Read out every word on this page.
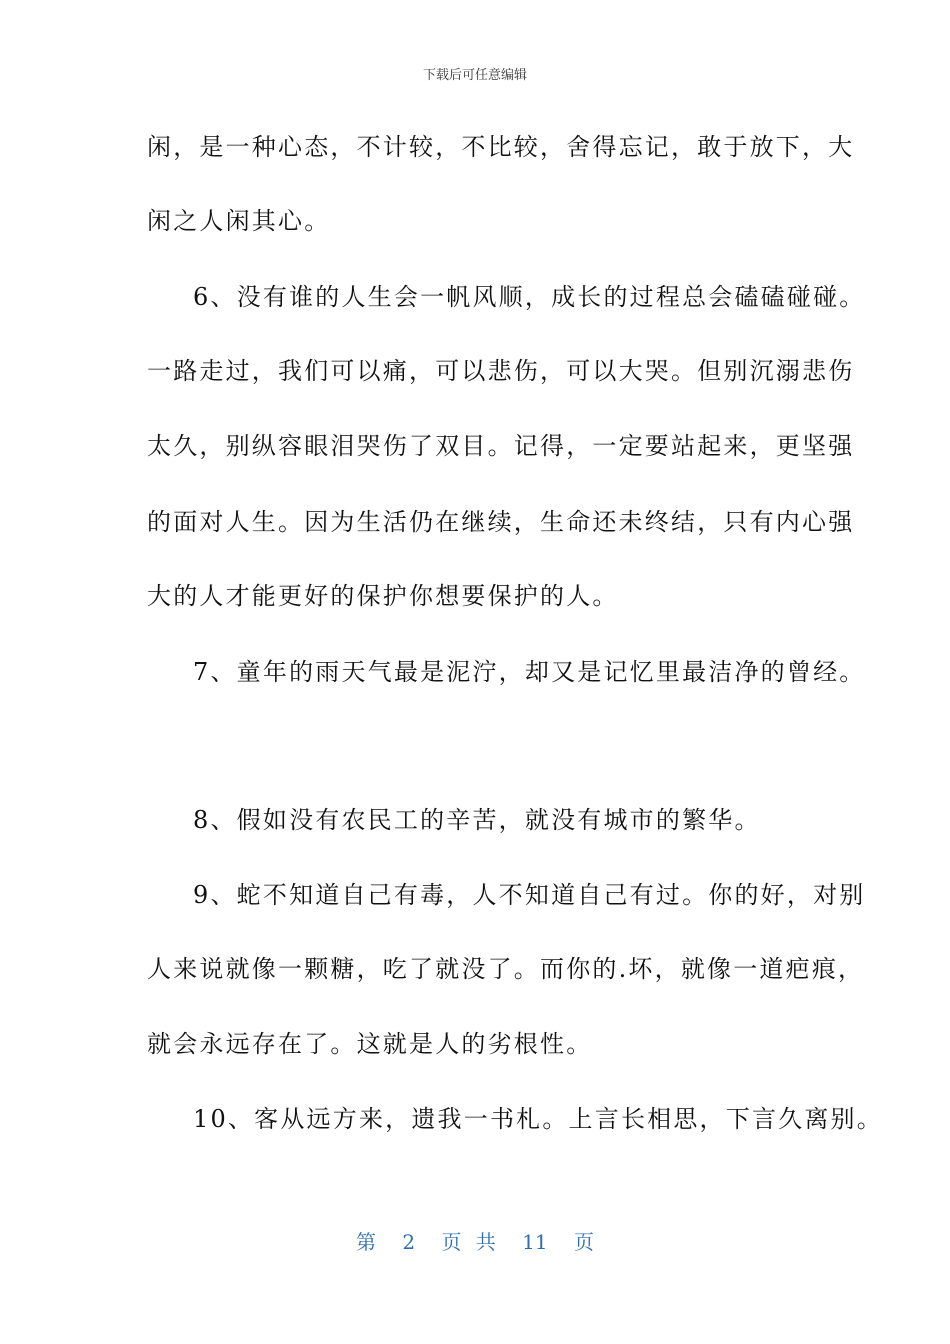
下载后可任意编辑
闲，是一种心态，不计较，不比较，舍得忘记，敢于放下，大
闲之人闲其心。
6、没有谁的人生会一帆风顺，成长的过程总会磕磕碰碰。
一路走过，我们可以痛，可以悲伤，可以大哭。但别沉溺悲伤
太久，别纵容眼泪哭伤了双目。记得，一定要站起来，更坚强
的面对人生。因为生活仍在继续，生命还未终结，只有内心强
大的人才能更好的保护你想要保护的人。
7、童年的雨天气最是泥泞，却又是记忆里最洁净的曾经。
8、假如没有农民工的辛苦，就没有城市的繁华。
9、蛇不知道自己有毒，人不知道自己有过。你的好，对别
人来说就像一颗糖，吃了就没了。而你的.坏，就像一道疤痕，
就会永远存在了。这就是人的劣根性。
10、客从远方来，遗我一书札。上言长相思，下言久离别。
第 2 页 共 11 页
